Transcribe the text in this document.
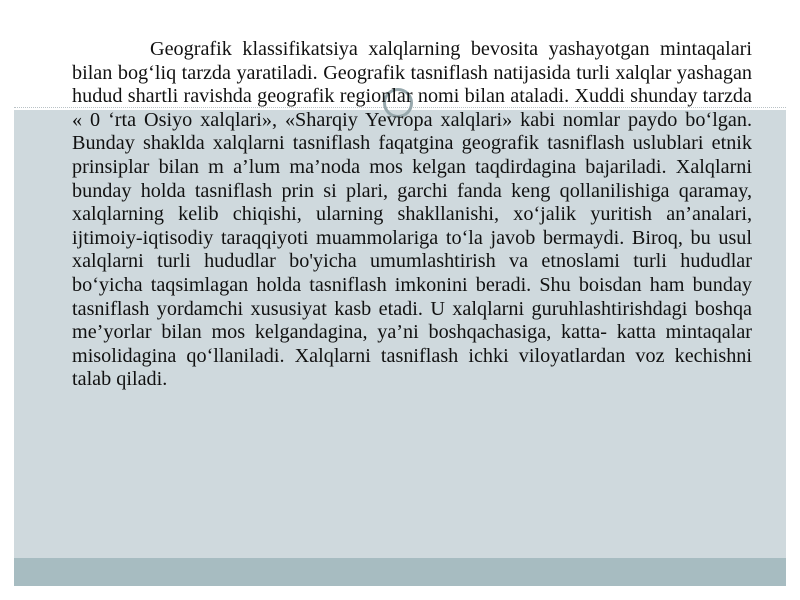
Geografik klassifikatsiya xalqlarning bevosita yashayotgan mintaqalari bilan bog‘liq tarzda yaratiladi. Geografik tasniflash natijasida turli xalqlar yashagan hudud shartli ravishda geografik regionlar nomi bilan ataladi. Xuddi shunday tarzda « 0 ‘rta Osiyo xalqlari», «Sharqiy Yevropa xalqlari» kabi nomlar paydo bo‘lgan. Bunday shaklda xalqlarni tasniflash faqatgina geografik tasniflash uslublari etnik prinsiplar bilan m a’lum ma’noda mos kelgan taqdirdagina bajariladi. Xalqlarni bunday holda tasniflash prin si plari, garchi fanda keng qollanilishiga qaramay, xalqlarning kelib chiqishi, ularning shakllanishi, xo‘jalik yuritish an’analari, ijtimoiy-iqtisodiy taraqqiyoti muammolariga to‘la javob bermaydi. Biroq, bu usul xalqlarni turli hududlar bo'yicha umumlashtirish va etnoslami turli hududlar bo‘yicha taqsimlagan holda tasniflash imkonini beradi. Shu boisdan ham bunday tasniflash yordamchi xususiyat kasb etadi. U xalqlarni guruhlashtirishdagi boshqa me’yorlar bilan mos kelgandagina, ya’ni boshqachasiga, katta- katta mintaqalar misolidagina qo‘llaniladi. Xalqlarni tasniflash ichki viloyatlardan voz kechishni talab qiladi.
